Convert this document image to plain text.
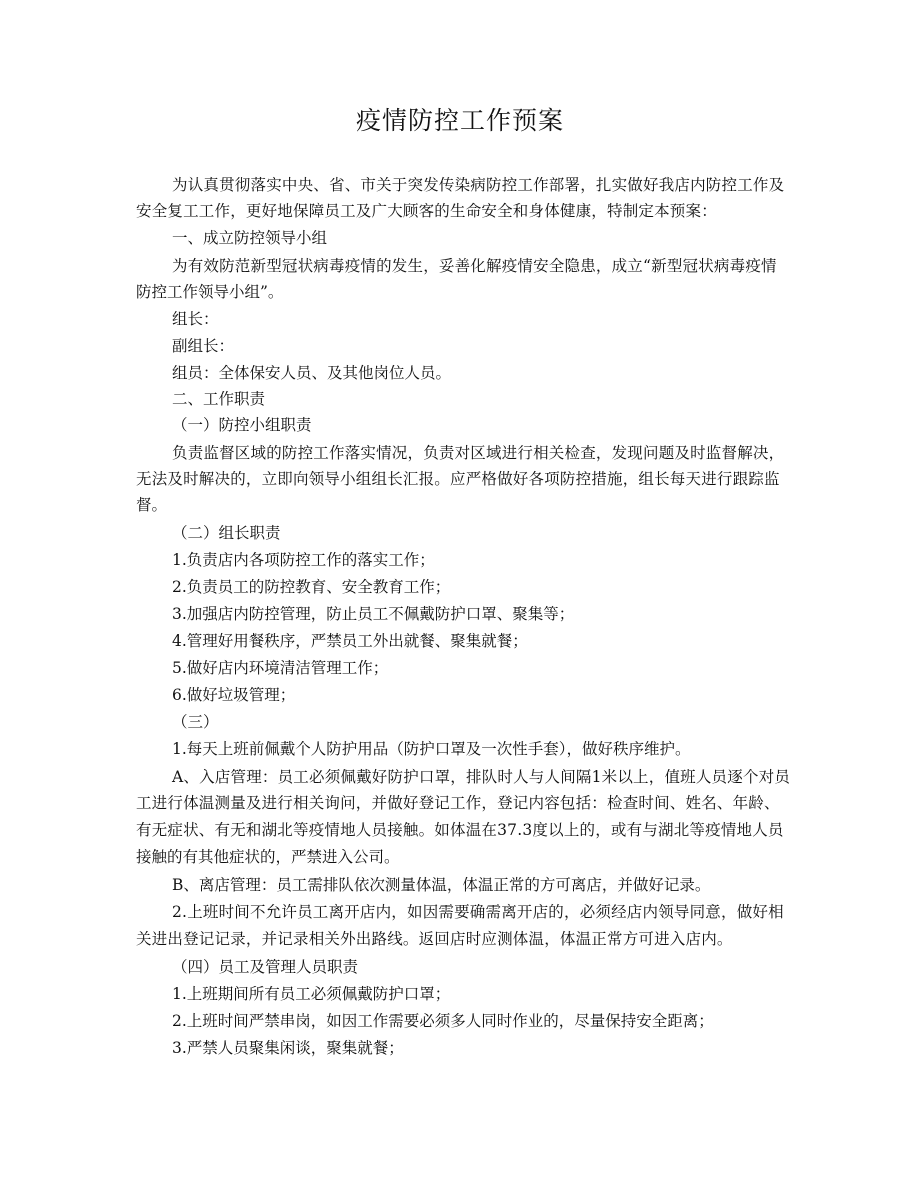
疫情防控工作预案
为认真贯彻落实中央、省、市关于突发传染病防控工作部署，扎实做好我店内防控工作及
安全复工工作，更好地保障员工及广大顾客的生命安全和身体健康，特制定本预案：
一、成立防控领导小组
为有效防范新型冠状病毒疫情的发生，妥善化解疫情安全隐患，成立“新型冠状病毒疫情
防控工作领导小组”。
组长：
副组长：
组员：全体保安人员、及其他岗位人员。
二、工作职责
（一）防控小组职责
负责监督区域的防控工作落实情况，负责对区域进行相关检查，发现问题及时监督解决，
无法及时解决的，立即向领导小组组长汇报。应严格做好各项防控措施，组长每天进行跟踪监
督。
（二）组长职责
1.负责店内各项防控工作的落实工作；
2.负责员工的防控教育、安全教育工作；
3.加强店内防控管理，防止员工不佩戴防护口罩、聚集等；
4.管理好用餐秩序，严禁员工外出就餐、聚集就餐；
5.做好店内环境清洁管理工作；
6.做好垃圾管理；
（三）
1.每天上班前佩戴个人防护用品（防护口罩及一次性手套），做好秩序维护。
A、入店管理：员工必须佩戴好防护口罩，排队时人与人间隔1米以上，值班人员逐个对员
工进行体温测量及进行相关询问，并做好登记工作，登记内容包括：检查时间、姓名、年龄、
有无症状、有无和湖北等疫情地人员接触。如体温在37.3度以上的，或有与湖北等疫情地人员
接触的有其他症状的，严禁进入公司。
B、离店管理：员工需排队依次测量体温，体温正常的方可离店，并做好记录。
2.上班时间不允许员工离开店内，如因需要确需离开店的，必须经店内领导同意，做好相
关进出登记记录，并记录相关外出路线。返回店时应测体温，体温正常方可进入店内。
（四）员工及管理人员职责
1.上班期间所有员工必须佩戴防护口罩；
2.上班时间严禁串岗，如因工作需要必须多人同时作业的，尽量保持安全距离；
3.严禁人员聚集闲谈，聚集就餐；
